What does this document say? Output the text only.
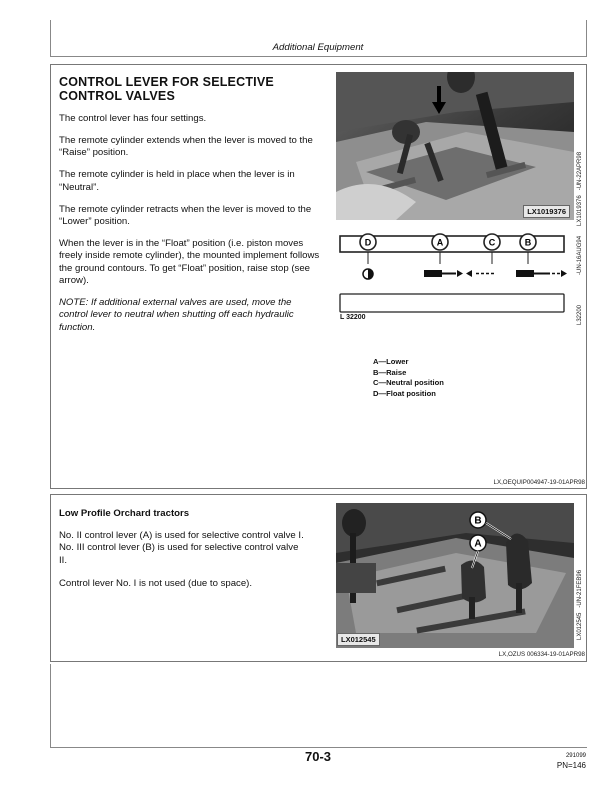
Additional Equipment
CONTROL LEVER FOR SELECTIVE
CONTROL VALVES

The control lever has four settings.

The remote cylinder extends when the lever is moved to the “Raise” position.

The remote cylinder is held in place when the lever is in “Neutral”.

The remote cylinder retracts when the lever is moved to the “Lower” position.

When the lever is in the “Float” position (i.e. piston moves freely inside remote cylinder), the mounted implement follows the ground contours. To get “Float” position, raise stop (see arrow).

NOTE: If additional external valves are used, move the control lever to neutral when shutting off each hydraulic function.
LX1019376	LX1019376   -UN-22APR98
D	A	C	B
L 32200	L32200                  -UN-16AUG94
A—Lower
B—Raise
C—Neutral position
D—Float position
LX,OEQUIP004947-19-01APR98
Low Profile Orchard tractors

No. II control lever (A) is used for selective control valve I.

No. III control lever (B) is used for selective control valve II.

Control lever No. I is not used (due to space).

B
A
LX012545	LX012545   -UN-21FEB96
LX,OZUS 006334-19-01APR98
70-3	291099
PN=146
